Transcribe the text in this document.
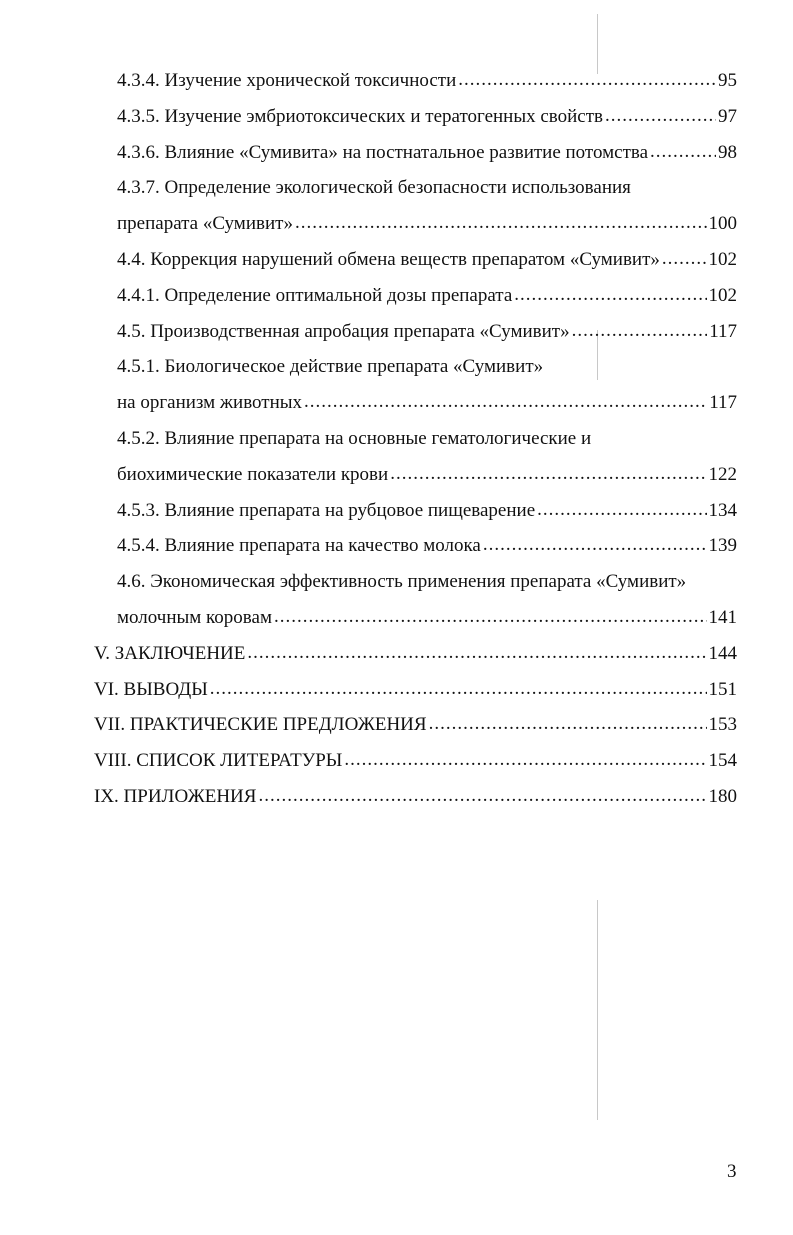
4.3.4. Изучение хронической токсичности .....	95
4.3.5. Изучение эмбриотоксических и тератогенных свойств .....	97
4.3.6. Влияние «Сумивита» на постнатальное развитие потомства .....	98
4.3.7. Определение экологической безопасности использования
препарата «Сумивит» .....	100
4.4. Коррекция нарушений обмена веществ препаратом «Сумивит» .....	102
4.4.1. Определение оптимальной дозы препарата .....	102
4.5. Производственная апробация препарата «Сумивит» .....	117
4.5.1. Биологическое действие препарата «Сумивит»
на организм животных .....	117
4.5.2. Влияние препарата на основные гематологические и
биохимические показатели крови .....	122
4.5.3. Влияние препарата на рубцовое пищеварение .....	134
4.5.4. Влияние препарата на качество молока .....	139
4.6. Экономическая эффективность применения препарата «Сумивит»
молочным коровам .....	141
V. ЗАКЛЮЧЕНИЕ .....	144
VI. ВЫВОДЫ .....	151
VII. ПРАКТИЧЕСКИЕ ПРЕДЛОЖЕНИЯ .....	153
VIII. СПИСОК ЛИТЕРАТУРЫ .....	154
IX. ПРИЛОЖЕНИЯ .....	180
3
